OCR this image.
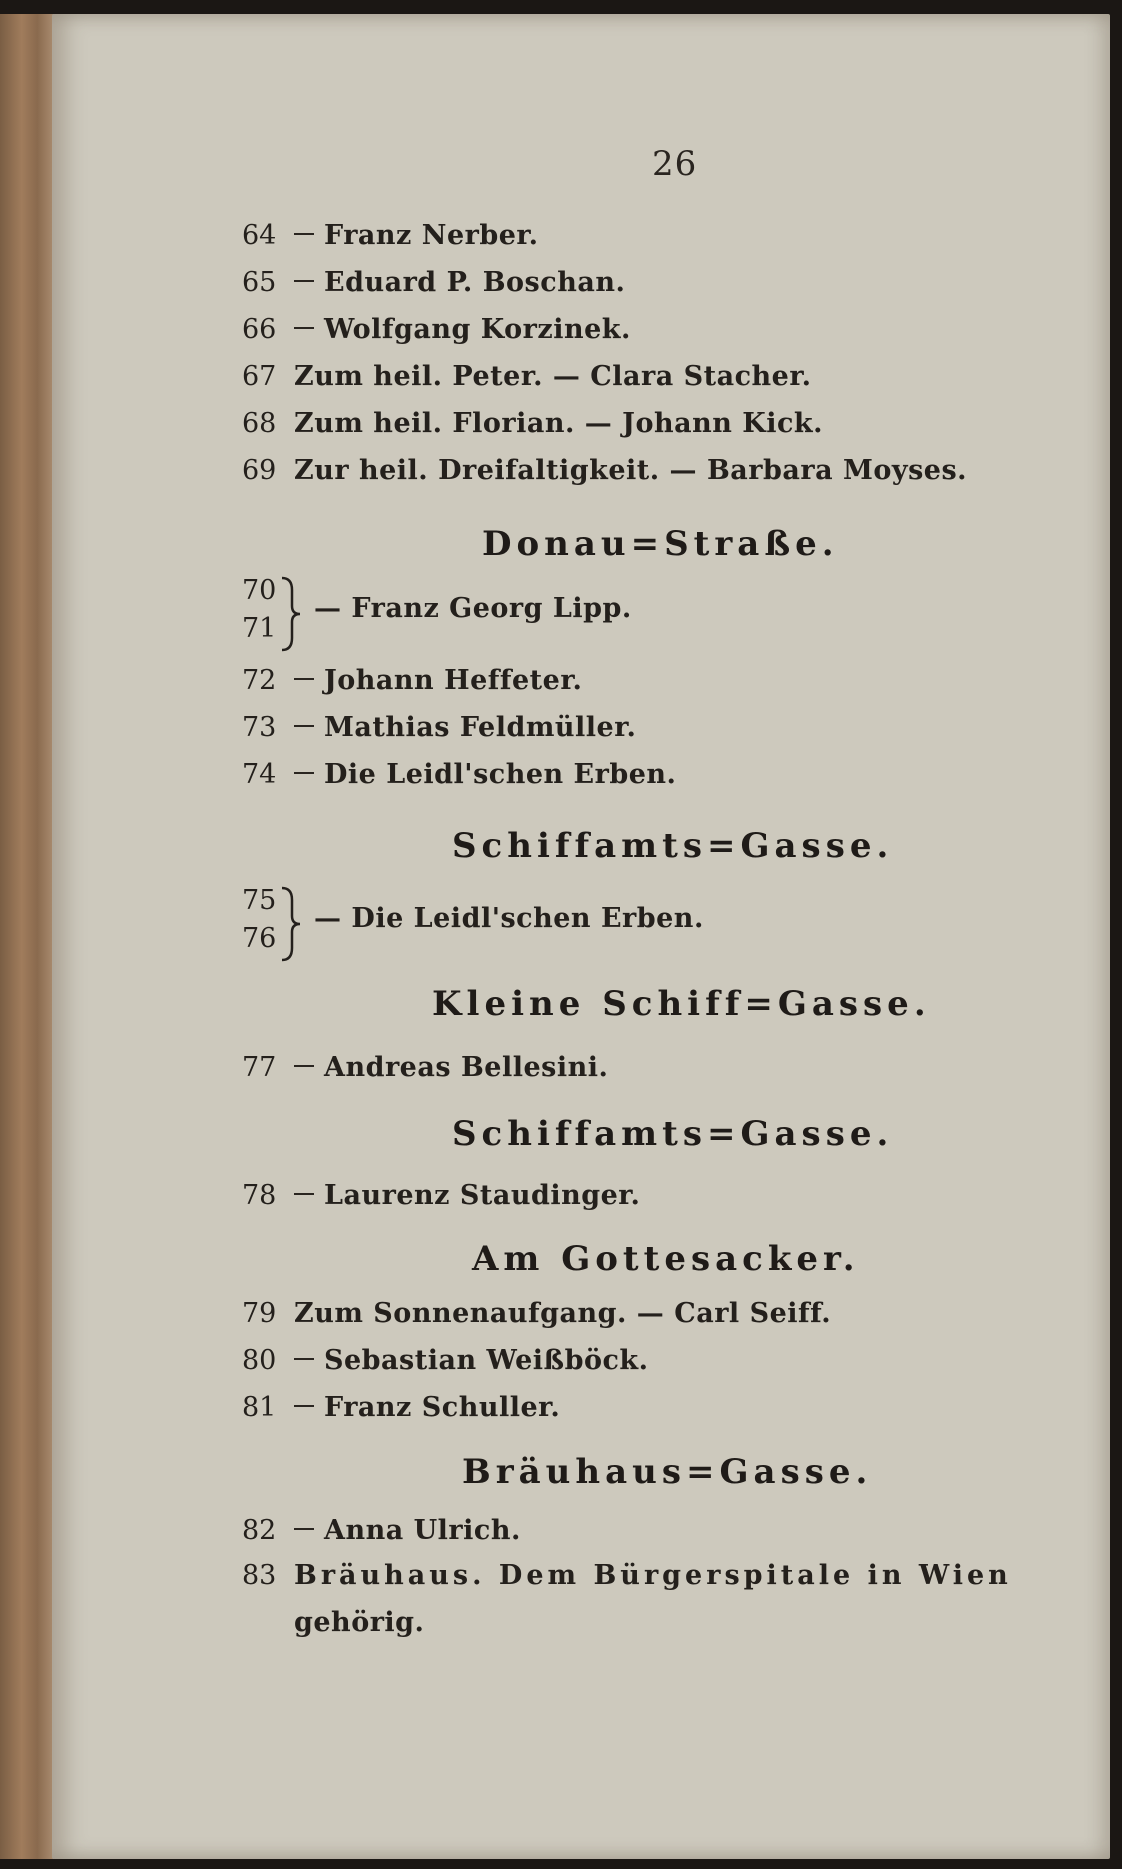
26
64 Franz Nerber.
65 Eduard P. Boschan.
66 Wolfgang Korzinek.
67 Zum heil. Peter. — Clara Stacher.
68 Zum heil. Florian. — Johann Kick.
69 Zur heil. Dreifaltigkeit. — Barbara Moyses.
Donau=Straße.
70
71
— Franz Georg Lipp.
72 Johann Heffeter.
73 Mathias Feldmüller.
74 Die Leidl'schen Erben.
Schiffamts=Gasse.
75
76
— Die Leidl'schen Erben.
Kleine Schiff=Gasse.
77 Andreas Bellesini.
Schiffamts=Gasse.
78 Laurenz Staudinger.
Am Gottesacker.
79 Zum Sonnenaufgang. — Carl Seiff.
80 Sebastian Weißböck.
81 Franz Schuller.
Bräuhaus=Gasse.
82 Anna Ulrich.
83 Bräuhaus. Dem Bürgerspitale in Wien
gehörig.
